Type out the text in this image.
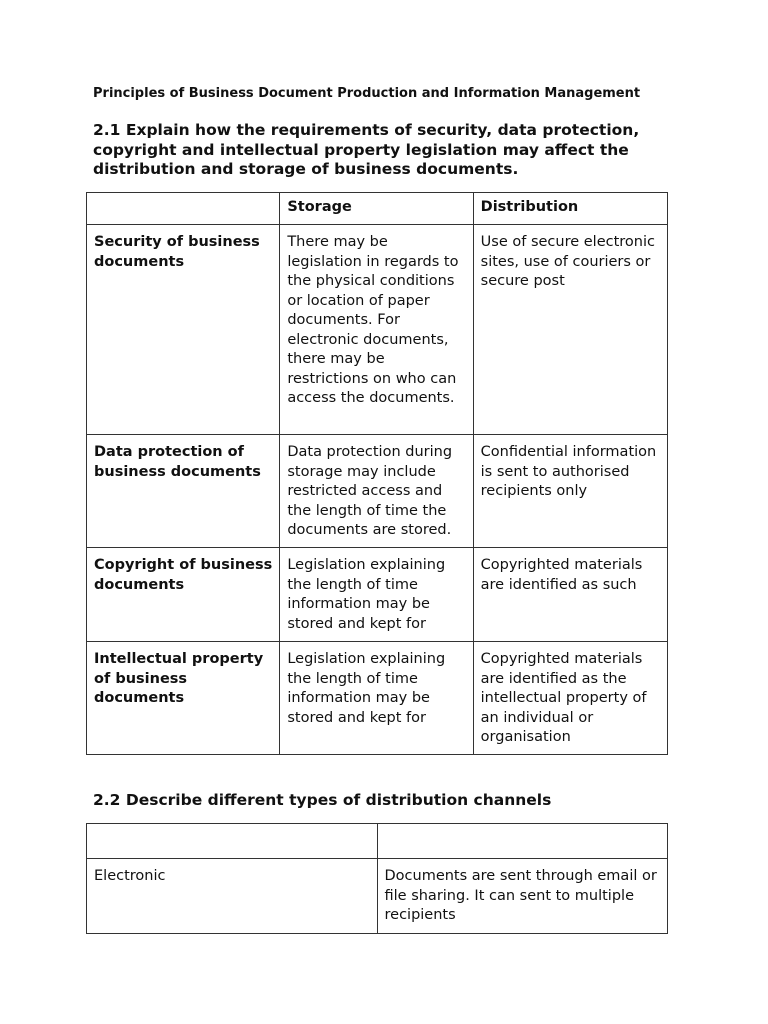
Principles of Business Document Production and Information Management
2.1 Explain how the requirements of security, data protection, copyright and intellectual property legislation may affect the distribution and storage of business documents.
	Storage	Distribution
Security of business documents	There may be legislation in regards to the physical conditions or location of paper documents. For electronic documents, there may be restrictions on who can access the documents.	Use of secure electronic sites, use of couriers or secure post
Data protection of business documents	Data protection during storage may include restricted access and the length of time the documents are stored.	Confidential information is sent to authorised recipients only
Copyright of business documents	Legislation explaining the length of time information may be stored and kept for	Copyrighted materials are identified as such
Intellectual property of business documents	Legislation explaining the length of time information may be stored and kept for	Copyrighted materials are identified as the intellectual property of an individual or organisation
2.2 Describe different types of distribution channels

Electronic	Documents are sent through email or file sharing. It can sent to multiple recipients
